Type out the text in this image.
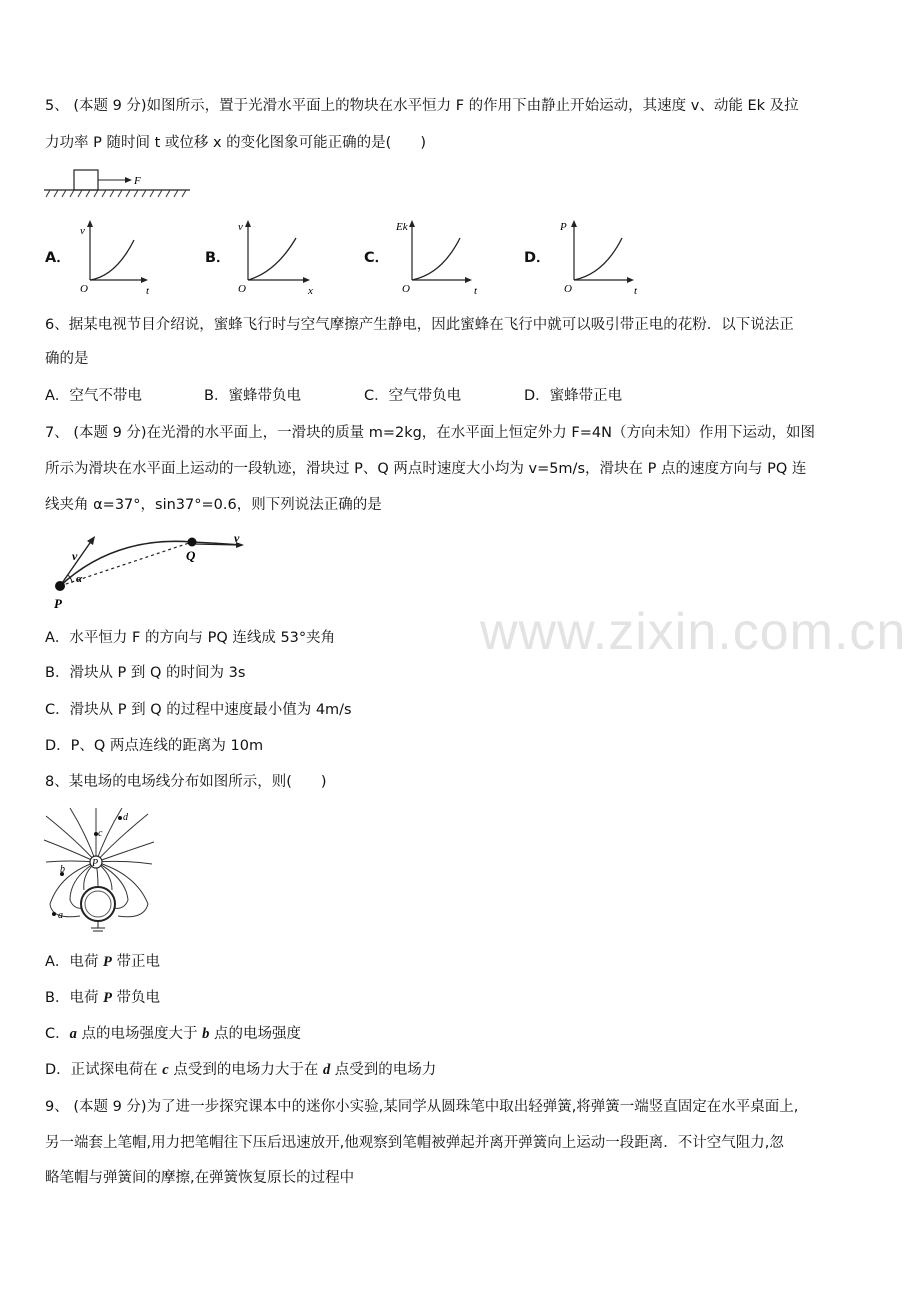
www.zixin.com.cn
5、 (本题 9 分)如图所示，置于光滑水平面上的物块在水平恒力 F 的作用下由静止开始运动，其速度 v、动能 Ek 及拉
力功率 P 随时间 t 或位移 x 的变化图象可能正确的是(　　)
F
A．
v
O	t
B．
v
O	x
C．
Ek
O	t
D．
P
O	t
6、据某电视节目介绍说，蜜蜂飞行时与空气摩擦产生静电，因此蜜蜂在飞行中就可以吸引带正电的花粉．以下说法正
确的是
A．空气不带电	B．蜜蜂带负电	C．空气带负电	D．蜜蜂带正电
7、 (本题 9 分)在光滑的水平面上，一滑块的质量 m=2kg，在水平面上恒定外力 F=4N（方向未知）作用下运动，如图
所示为滑块在水平面上运动的一段轨迹，滑块过 P、Q 两点时速度大小均为 v=5m/s，滑块在 P 点的速度方向与 PQ 连
线夹角 α=37°，sin37°=0.6，则下列说法正确的是
P
Q
v
v
α
A．水平恒力 F 的方向与 PQ 连线成 53°夹角
B．滑块从 P 到 Q 的时间为 3s
C．滑块从 P 到 Q 的过程中速度最小值为 4m/s
D．P、Q 两点连线的距离为 10m
8、某电场的电场线分布如图所示，则(　　)
P
d
c
b
a
A．电荷 P 带正电
B．电荷 P 带负电
C．a 点的电场强度大于 b 点的电场强度
D．正试探电荷在 c 点受到的电场力大于在 d 点受到的电场力
9、 (本题 9 分)为了进一步探究课本中的迷你小实验,某同学从圆珠笔中取出轻弹簧,将弹簧一端竖直固定在水平桌面上,
另一端套上笔帽,用力把笔帽往下压后迅速放开,他观察到笔帽被弹起并离开弹簧向上运动一段距离．不计空气阻力,忽
略笔帽与弹簧间的摩擦,在弹簧恢复原长的过程中
